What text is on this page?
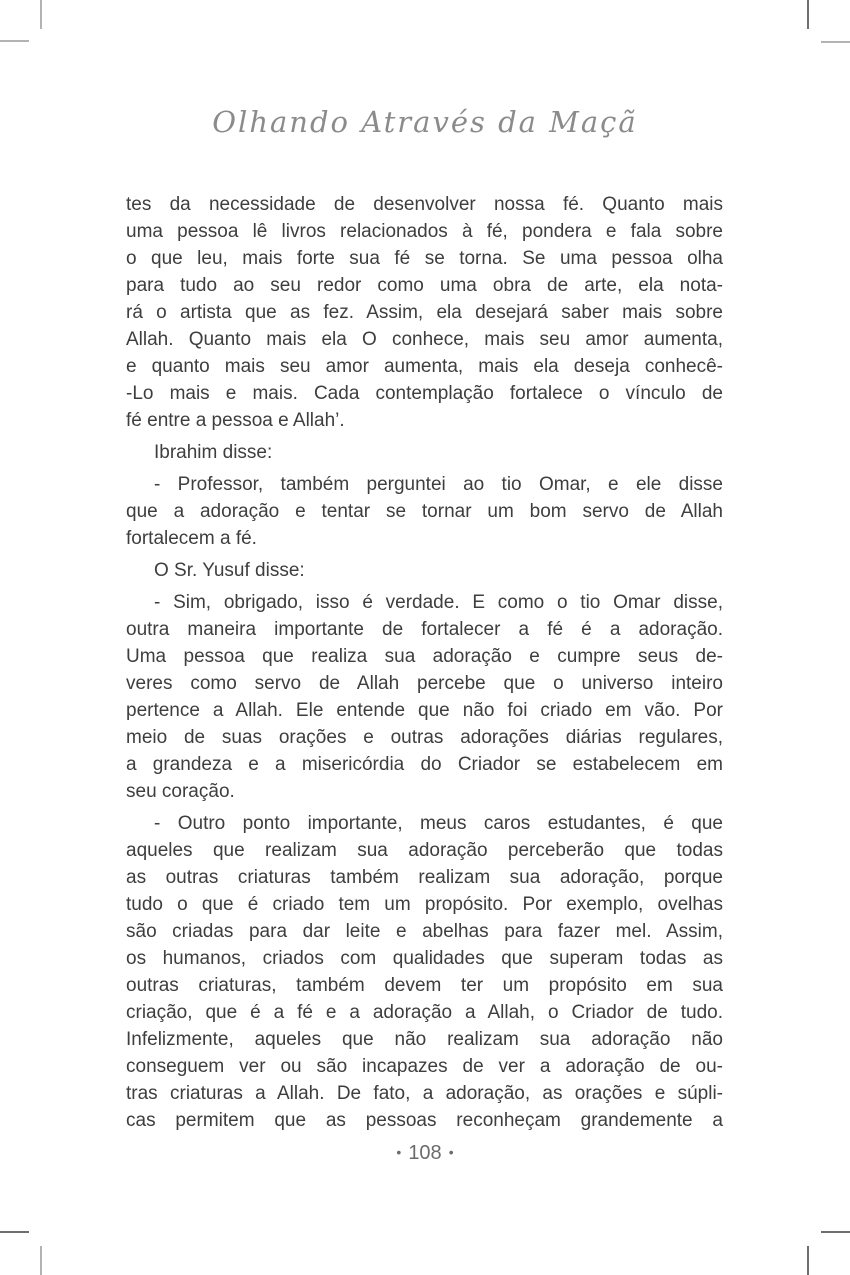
Olhando Através da Maçã

tes da necessidade de desenvolver nossa fé. Quanto mais
uma pessoa lê livros relacionados à fé, pondera e fala sobre
o que leu, mais forte sua fé se torna. Se uma pessoa olha
para tudo ao seu redor como uma obra de arte, ela nota-
rá o artista que as fez. Assim, ela desejará saber mais sobre
Allah. Quanto mais ela O conhece, mais seu amor aumenta,
e quanto mais seu amor aumenta, mais ela deseja conhecê-
-Lo mais e mais. Cada contemplação fortalece o vínculo de
fé entre a pessoa e Allah’.

Ibrahim disse:

- Professor, também perguntei ao tio Omar, e ele disse
que a adoração e tentar se tornar um bom servo de Allah
fortalecem a fé.

O Sr. Yusuf disse:

- Sim, obrigado, isso é verdade. E como o tio Omar disse,
outra maneira importante de fortalecer a fé é a adoração.
Uma pessoa que realiza sua adoração e cumpre seus de-
veres como servo de Allah percebe que o universo inteiro
pertence a Allah. Ele entende que não foi criado em vão. Por
meio de suas orações e outras adorações diárias regulares,
a grandeza e a misericórdia do Criador se estabelecem em
seu coração.

- Outro ponto importante, meus caros estudantes, é que
aqueles que realizam sua adoração perceberão que todas
as outras criaturas também realizam sua adoração, porque
tudo o que é criado tem um propósito. Por exemplo, ovelhas
são criadas para dar leite e abelhas para fazer mel. Assim,
os humanos, criados com qualidades que superam todas as
outras criaturas, também devem ter um propósito em sua
criação, que é a fé e a adoração a Allah, o Criador de tudo.
Infelizmente, aqueles que não realizam sua adoração não
conseguem ver ou são incapazes de ver a adoração de ou-
tras criaturas a Allah. De fato, a adoração, as orações e súpli-
cas permitem que as pessoas reconheçam grandemente a

• 108 •
